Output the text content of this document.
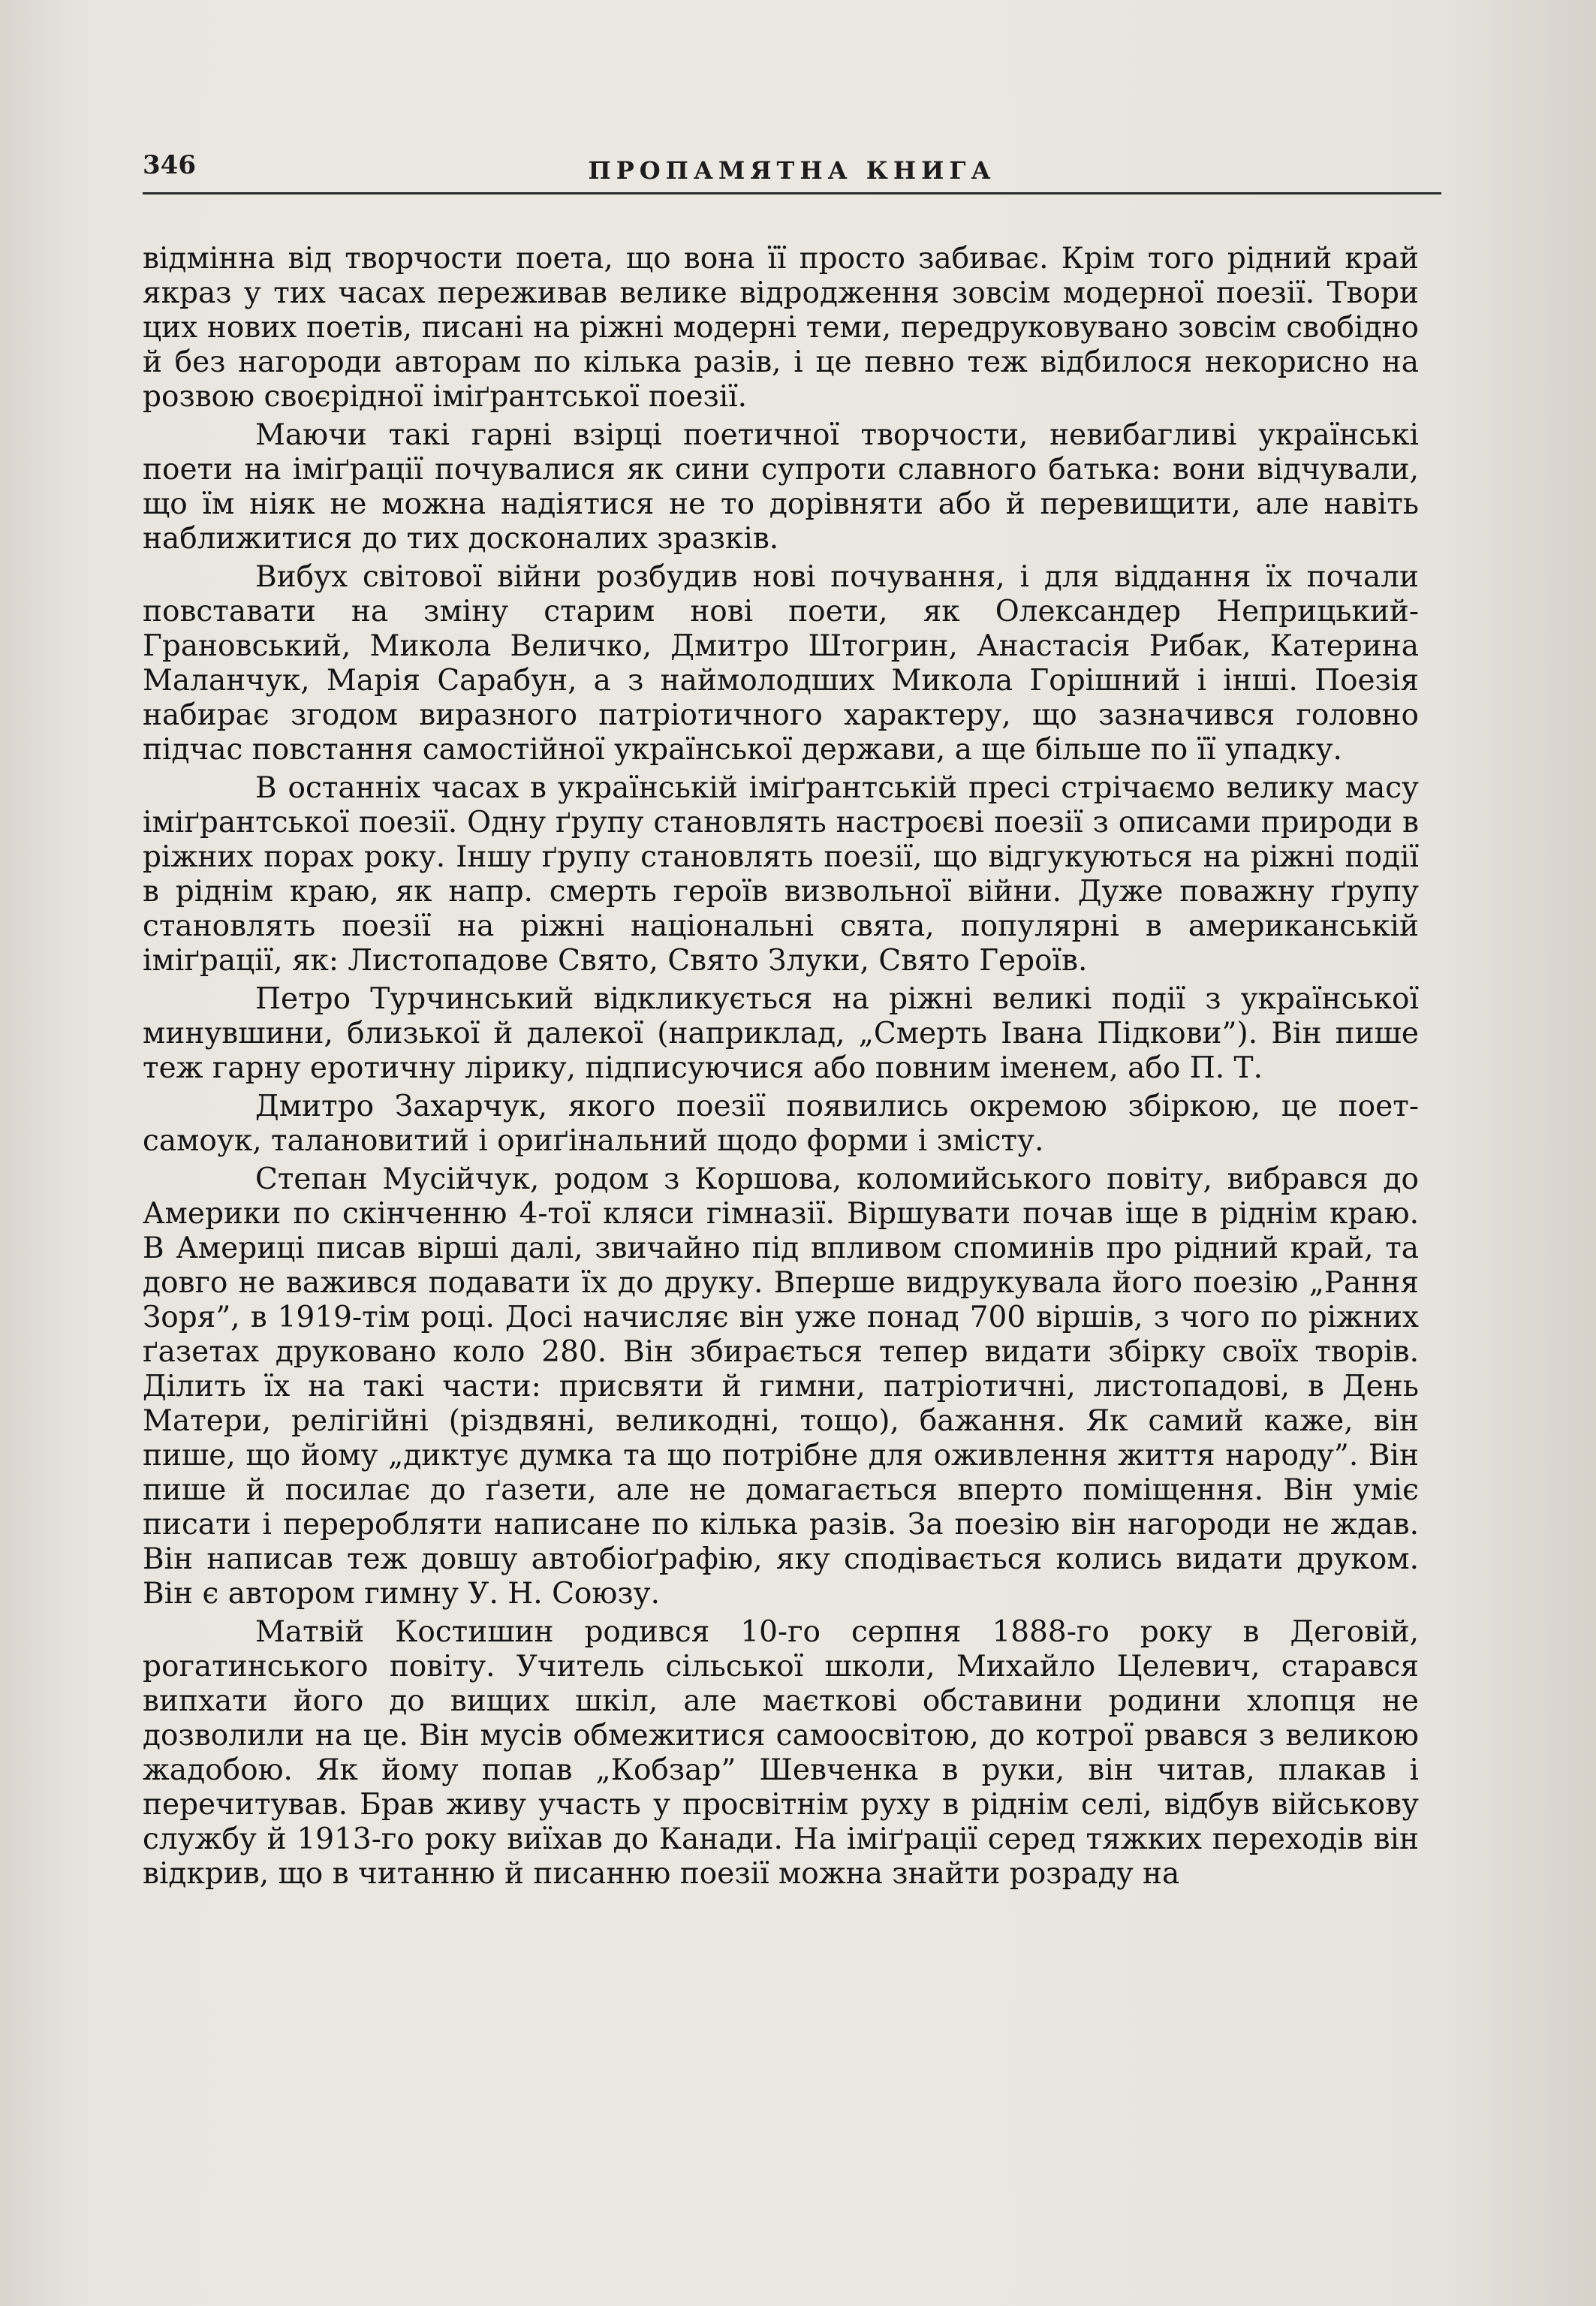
346	ПРОПАМЯТНА КНИГА

відмінна від творчости поета, що вона її просто забиває. Крім того рідний край якраз у тих часах переживав велике відродження зовсім модерної поезії. Твори цих нових поетів, писані на ріжні модерні теми, передруковувано зовсім свобідно й без нагороди авторам по кілька разів, і це певно теж відбилося некорисно на розвою своєрідної іміґрантської поезії.

Маючи такі гарні взірці поетичної творчости, невибагливі українські поети на іміґрації почувалися як сини супроти славного батька: вони відчували, що їм ніяк не можна надіятися не то дорівняти або й перевищити, але навіть наближитися до тих досконалих зразків.

Вибух світової війни розбудив нові почування, і для віддання їх почали повставати на зміну старим нові поети, як Олександер Неприцький-Грановський, Микола Величко, Дмитро Штогрин, Анастасія Рибак, Катерина Маланчук, Марія Сарабун, а з наймолодших Микола Горішний і інші. Поезія набирає згодом виразного патріотичного характеру, що зазначився головно підчас повстання самостійної української держави, а ще більше по її упадку.

В останніх часах в українській іміґрантській пресі стрічаємо велику масу іміґрантської поезії. Одну ґрупу становлять настроєві поезії з описами природи в ріжних порах року. Іншу ґрупу становлять поезії, що відгукуються на ріжні події в ріднім краю, як напр. смерть героїв визвольної війни. Дуже поважну ґрупу становлять поезії на ріжні національні свята, популярні в американській іміґрації, як: Листопадове Свято, Свято Злуки, Свято Героїв.

Петро Турчинський відкликується на ріжні великі події з української минувшини, близької й далекої (наприклад, „Смерть Івана Підкови”). Він пише теж гарну еротичну лірику, підписуючися або повним іменем, або П. Т.

Дмитро Захарчук, якого поезії появились окремою збіркою, це поет-самоук, талановитий і ориґінальний щодо форми і змісту.

Степан Мусійчук, родом з Коршова, коломийського повіту, вибрався до Америки по скінченню 4-тої кляси гімназії. Віршувати почав іще в ріднім краю. В Америці писав вірші далі, звичайно під впливом споминів про рідний край, та довго не важився подавати їх до друку. Вперше видрукувала його поезію „Рання Зоря”, в 1919-тім році. Досі начисляє він уже понад 700 віршів, з чого по ріжних ґазетах друковано коло 280. Він збирається тепер видати збірку своїх творів. Ділить їх на такі части: присвяти й гимни, патріотичні, листопадові, в День Матери, релігійні (різдвяні, великодні, тощо), бажання. Як самий каже, він пише, що йому „диктує думка та що потрібне для оживлення життя народу”. Він пише й посилає до ґазети, але не домагається вперто поміщення. Він уміє писати і переробляти написане по кілька разів. За поезію він нагороди не ждав. Він написав теж довшу автобіоґрафію, яку сподівається колись видати друком. Він є автором гимну У. Н. Союзу.

Матвій Костишин родився 10-го серпня 1888-го року в Деговій, рогатинського повіту. Учитель сільської школи, Михайло Целевич, старався випхати його до вищих шкіл, але маєткові обставини родини хлопця не дозволили на це. Він мусів обмежитися самоосвітою, до котрої рвався з великою жадобою. Як йому попав „Кобзар” Шевченка в руки, він читав, плакав і перечитував. Брав живу участь у просвітнім руху в ріднім селі, відбув військову службу й 1913-го року виїхав до Канади. На іміґрації серед тяжких переходів він відкрив, що в читанню й писанню поезії можна знайти розраду на
